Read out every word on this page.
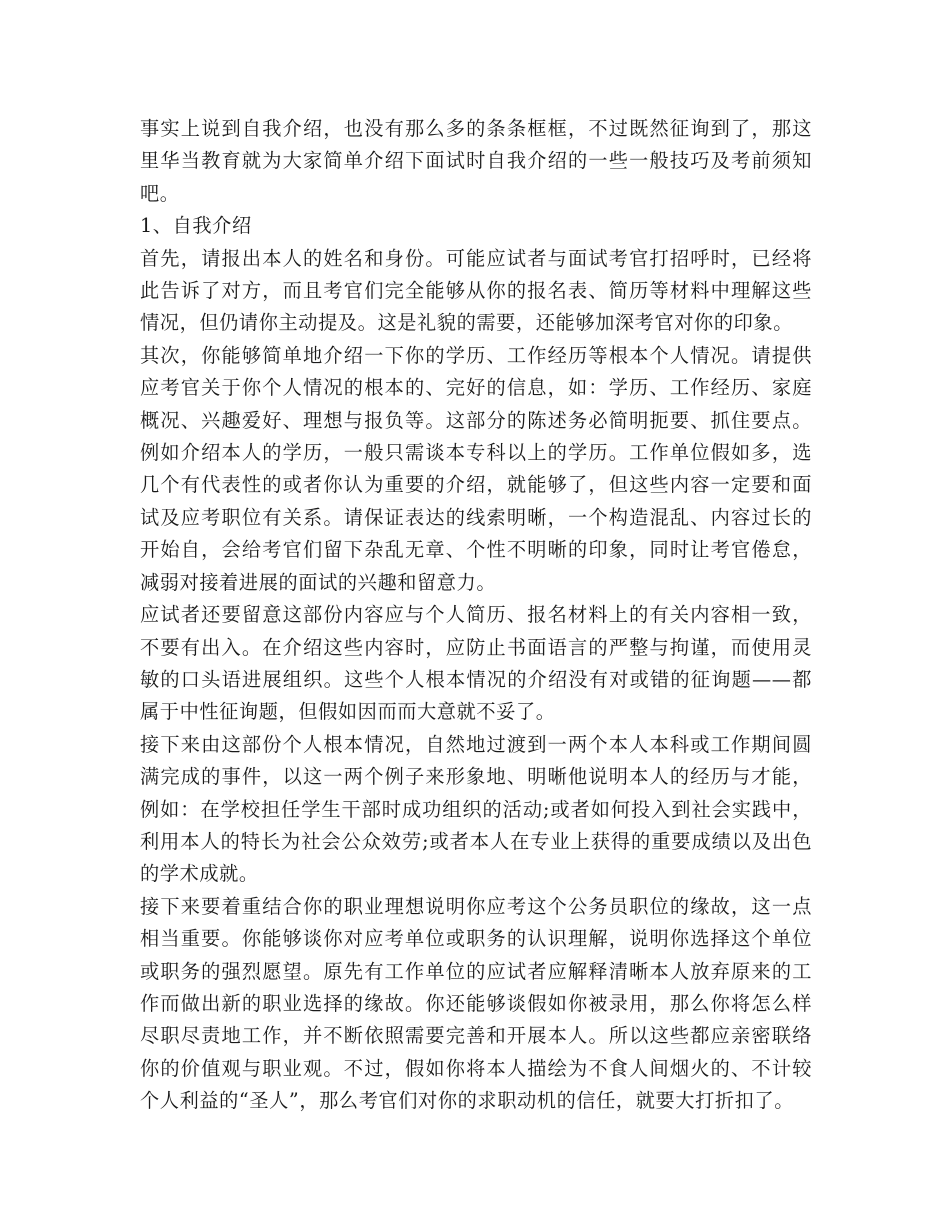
事实上说到自我介绍，也没有那么多的条条框框，不过既然征询到了，那这里华当教育就为大家简单介绍下面试时自我介绍的一些一般技巧及考前须知吧。

1、自我介绍

首先，请报出本人的姓名和身份。可能应试者与面试考官打招呼时，已经将此告诉了对方，而且考官们完全能够从你的报名表、简历等材料中理解这些情况，但仍请你主动提及。这是礼貌的需要，还能够加深考官对你的印象。

其次，你能够简单地介绍一下你的学历、工作经历等根本个人情况。请提供应考官关于你个人情况的根本的、完好的信息，如：学历、工作经历、家庭概况、兴趣爱好、理想与报负等。这部分的陈述务必简明扼要、抓住要点。例如介绍本人的学历，一般只需谈本专科以上的学历。工作单位假如多，选几个有代表性的或者你认为重要的介绍，就能够了，但这些内容一定要和面试及应考职位有关系。请保证表达的线索明晰，一个构造混乱、内容过长的开始自，会给考官们留下杂乱无章、个性不明晰的印象，同时让考官倦怠，减弱对接着进展的面试的兴趣和留意力。

应试者还要留意这部份内容应与个人简历、报名材料上的有关内容相一致，不要有出入。在介绍这些内容时，应防止书面语言的严整与拘谨，而使用灵敏的口头语进展组织。这些个人根本情况的介绍没有对或错的征询题——都属于中性征询题，但假如因而而大意就不妥了。

接下来由这部份个人根本情况，自然地过渡到一两个本人本科或工作期间圆满完成的事件，以这一两个例子来形象地、明晰他说明本人的经历与才能，例如：在学校担任学生干部时成功组织的活动;或者如何投入到社会实践中，利用本人的特长为社会公众效劳;或者本人在专业上获得的重要成绩以及出色的学术成就。

接下来要着重结合你的职业理想说明你应考这个公务员职位的缘故，这一点相当重要。你能够谈你对应考单位或职务的认识理解，说明你选择这个单位或职务的强烈愿望。原先有工作单位的应试者应解释清晰本人放弃原来的工作而做出新的职业选择的缘故。你还能够谈假如你被录用，那么你将怎么样尽职尽责地工作，并不断依照需要完善和开展本人。所以这些都应亲密联络你的价值观与职业观。不过，假如你将本人描绘为不食人间烟火的、不计较个人利益的“圣人”，那么考官们对你的求职动机的信任，就要大打折扣了。
